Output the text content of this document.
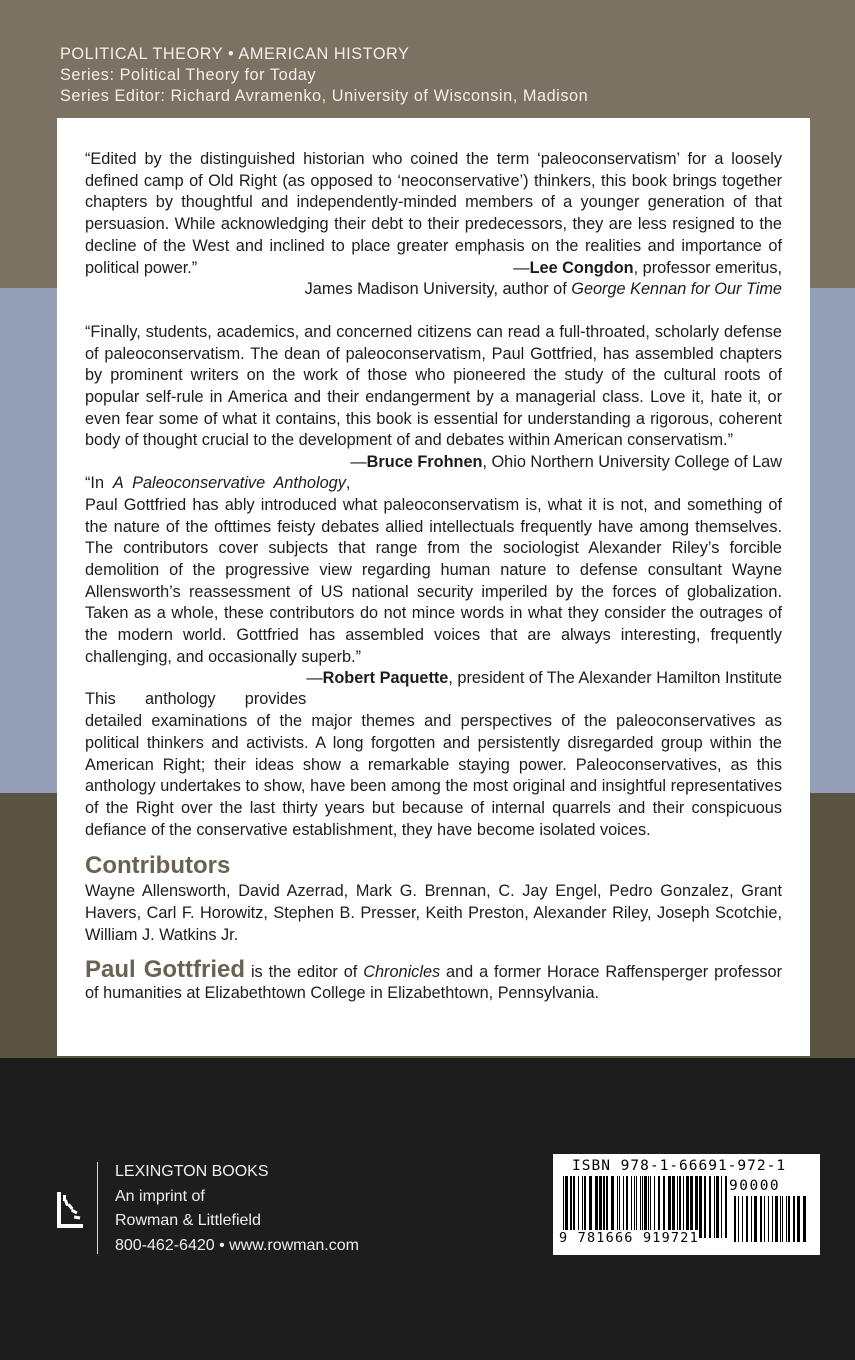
POLITICAL THEORY • AMERICAN HISTORY
Series: Political Theory for Today
Series Editor: Richard Avramenko, University of Wisconsin, Madison

“Edited by the distinguished historian who coined the term ‘paleoconservatism’ for a loosely defined camp of Old Right (as opposed to ‘neoconservative’) thinkers, this book brings together chapters by thoughtful and independently-minded members of a younger generation of that persuasion. While acknowledging their debt to their predecessors, they are less resigned to the decline of the West and inclined to place greater emphasis on the realities and importance of political power.”	—Lee Congdon, professor emeritus,
James Madison University, author of George Kennan for Our Time

“Finally, students, academics, and concerned citizens can read a full-throated, scholarly defense of paleoconservatism. The dean of paleoconservatism, Paul Gottfried, has assembled chapters by prominent writers on the work of those who pioneered the study of the cultural roots of popular self-rule in America and their endangerment by a managerial class. Love it, hate it, or even fear some of what it contains, this book is essential for understanding a rigorous, coherent body of thought crucial to the development of and debates within American conservatism.”
—Bruce Frohnen, Ohio Northern University College of Law

“In A Paleoconservative Anthology, Paul Gottfried has ably introduced what paleoconservatism is, what it is not, and something of the nature of the ofttimes feisty debates allied intellectuals frequently have among themselves. The contributors cover subjects that range from the sociologist Alexander Riley’s forcible demolition of the progressive view regarding human nature to defense consultant Wayne Allensworth’s reassessment of US national security imperiled by the forces of globalization. Taken as a whole, these contributors do not mince words in what they consider the outrages of the modern world. Gottfried has assembled voices that are always interesting, frequently challenging, and occasionally superb.”
—Robert Paquette, president of The Alexander Hamilton Institute

This anthology provides detailed examinations of the major themes and perspectives of the paleoconservatives as political thinkers and activists. A long forgotten and persistently disregarded group within the American Right; their ideas show a remarkable staying power. Paleoconservatives, as this anthology undertakes to show, have been among the most original and insightful representatives of the Right over the last thirty years but because of internal quarrels and their conspicuous defiance of the conservative establishment, they have become isolated voices.

Contributors

Wayne Allensworth, David Azerrad, Mark G. Brennan, C. Jay Engel, Pedro Gonzalez, Grant Havers, Carl F. Horowitz, Stephen B. Presser, Keith Preston, Alexander Riley, Joseph Scotchie, William J. Watkins Jr.

Paul Gottfried is the editor of Chronicles and a former Horace Raffensperger professor of humanities at Elizabethtown College in Elizabethtown, Pennsylvania.

LEXINGTON BOOKS
An imprint of
Rowman & Littlefield
800-462-6420 • www.rowman.com
ISBN 978-1-66691-972-1
90000
9 781666 919721
